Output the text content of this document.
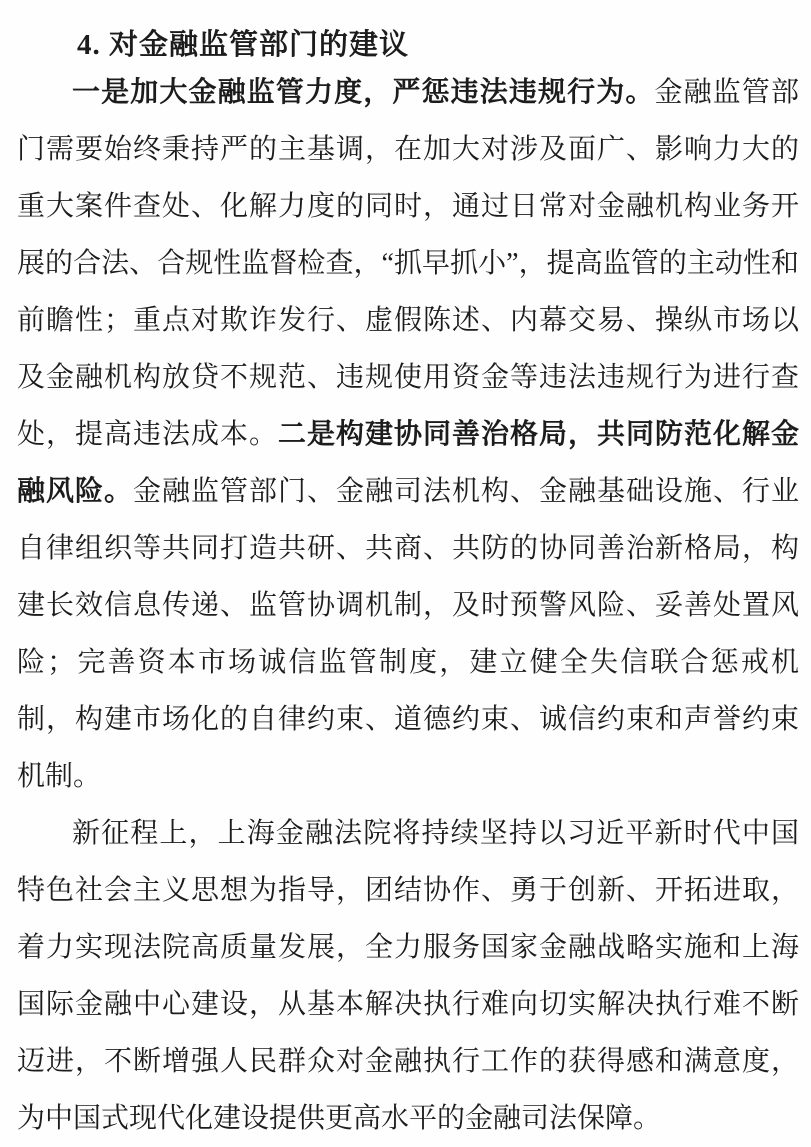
4. 对金融监管部门的建议

一是加大金融监管力度，严惩违法违规行为。金融监管部门需要始终秉持严的主基调，在加大对涉及面广、影响力大的重大案件查处、化解力度的同时，通过日常对金融机构业务开展的合法、合规性监督检查，“抓早抓小”，提高监管的主动性和前瞻性；重点对欺诈发行、虚假陈述、内幕交易、操纵市场以及金融机构放贷不规范、违规使用资金等违法违规行为进行查处，提高违法成本。二是构建协同善治格局，共同防范化解金融风险。金融监管部门、金融司法机构、金融基础设施、行业自律组织等共同打造共研、共商、共防的协同善治新格局，构建长效信息传递、监管协调机制，及时预警风险、妥善处置风险；完善资本市场诚信监管制度，建立健全失信联合惩戒机制，构建市场化的自律约束、道德约束、诚信约束和声誉约束机制。

新征程上，上海金融法院将持续坚持以习近平新时代中国特色社会主义思想为指导，团结协作、勇于创新、开拓进取，着力实现法院高质量发展，全力服务国家金融战略实施和上海国际金融中心建设，从基本解决执行难向切实解决执行难不断迈进，不断增强人民群众对金融执行工作的获得感和满意度，为中国式现代化建设提供更高水平的金融司法保障。
